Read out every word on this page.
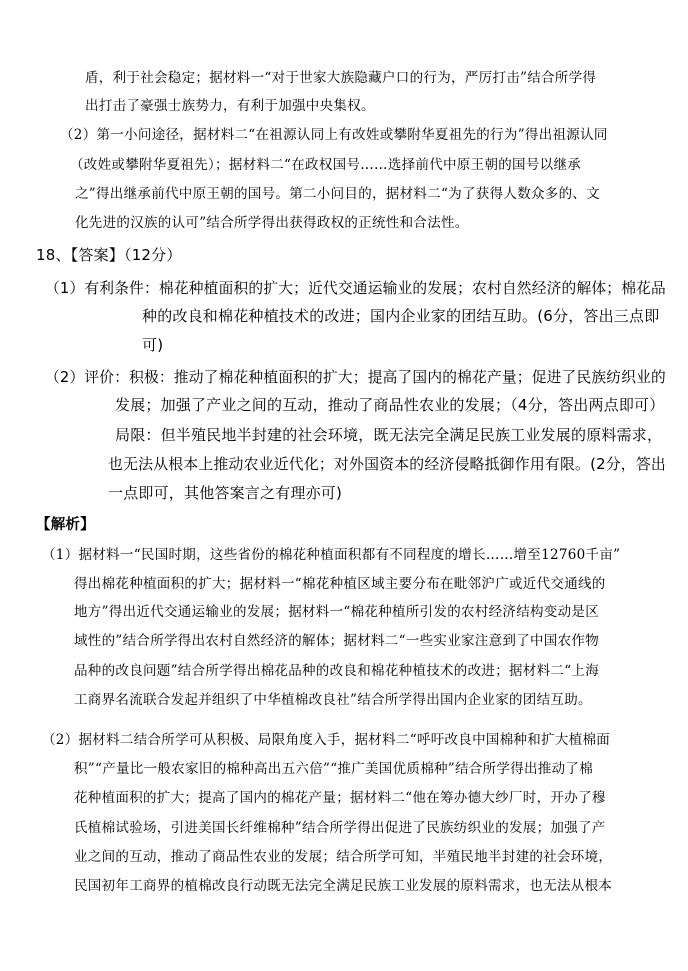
盾，利于社会稳定；据材料一“对于世家大族隐藏户口的行为，严厉打击”结合所学得
出打击了豪强士族势力，有利于加强中央集权。
（2）第一小问途径，据材料二“在祖源认同上有改姓或攀附华夏祖先的行为”得出祖源认同
（改姓或攀附华夏祖先）；据材料二“在政权国号……选择前代中原王朝的国号以继承
之”得出继承前代中原王朝的国号。第二小问目的，据材料二“为了获得人数众多的、文
化先进的汉族的认可”结合所学得出获得政权的正统性和合法性。
18、【答案】（12分）
（1）有利条件：棉花种植面积的扩大；近代交通运输业的发展；农村自然经济的解体；棉花品
种的改良和棉花种植技术的改进；国内企业家的团结互助。(6分，答出三点即
可)
（2）评价：积极：推动了棉花种植面积的扩大；提高了国内的棉花产量；促进了民族纺织业的
发展；加强了产业之间的互动，推动了商品性农业的发展；（4分，答出两点即可）
局限：但半殖民地半封建的社会环境，既无法完全满足民族工业发展的原料需求，
也无法从根本上推动农业近代化；对外国资本的经济侵略抵御作用有限。(2分，答出
一点即可，其他答案言之有理亦可)
【解析】
（1）据材料一“民国时期，这些省份的棉花种植面积都有不同程度的增长……增至12760千亩”
得出棉花种植面积的扩大；据材料一“棉花种植区域主要分布在毗邻沪广或近代交通线的
地方”得出近代交通运输业的发展；据材料一“棉花种植所引发的农村经济结构变动是区
域性的”结合所学得出农村自然经济的解体；据材料二“一些实业家注意到了中国农作物
品种的改良问题”结合所学得出棉花品种的改良和棉花种植技术的改进；据材料二“上海
工商界名流联合发起并组织了中华植棉改良社”结合所学得出国内企业家的团结互助。
（2）据材料二结合所学可从积极、局限角度入手，据材料二“呼吁改良中国棉种和扩大植棉面
积”“产量比一般农家旧的棉种高出五六倍”“推广美国优质棉种”结合所学得出推动了棉
花种植面积的扩大；提高了国内的棉花产量；据材料二“他在筹办德大纱厂时，开办了穆
氏植棉试验场，引进美国长纤维棉种”结合所学得出促进了民族纺织业的发展；加强了产
业之间的互动，推动了商品性农业的发展；结合所学可知，半殖民地半封建的社会环境，
民国初年工商界的植棉改良行动既无法完全满足民族工业发展的原料需求，也无法从根本
